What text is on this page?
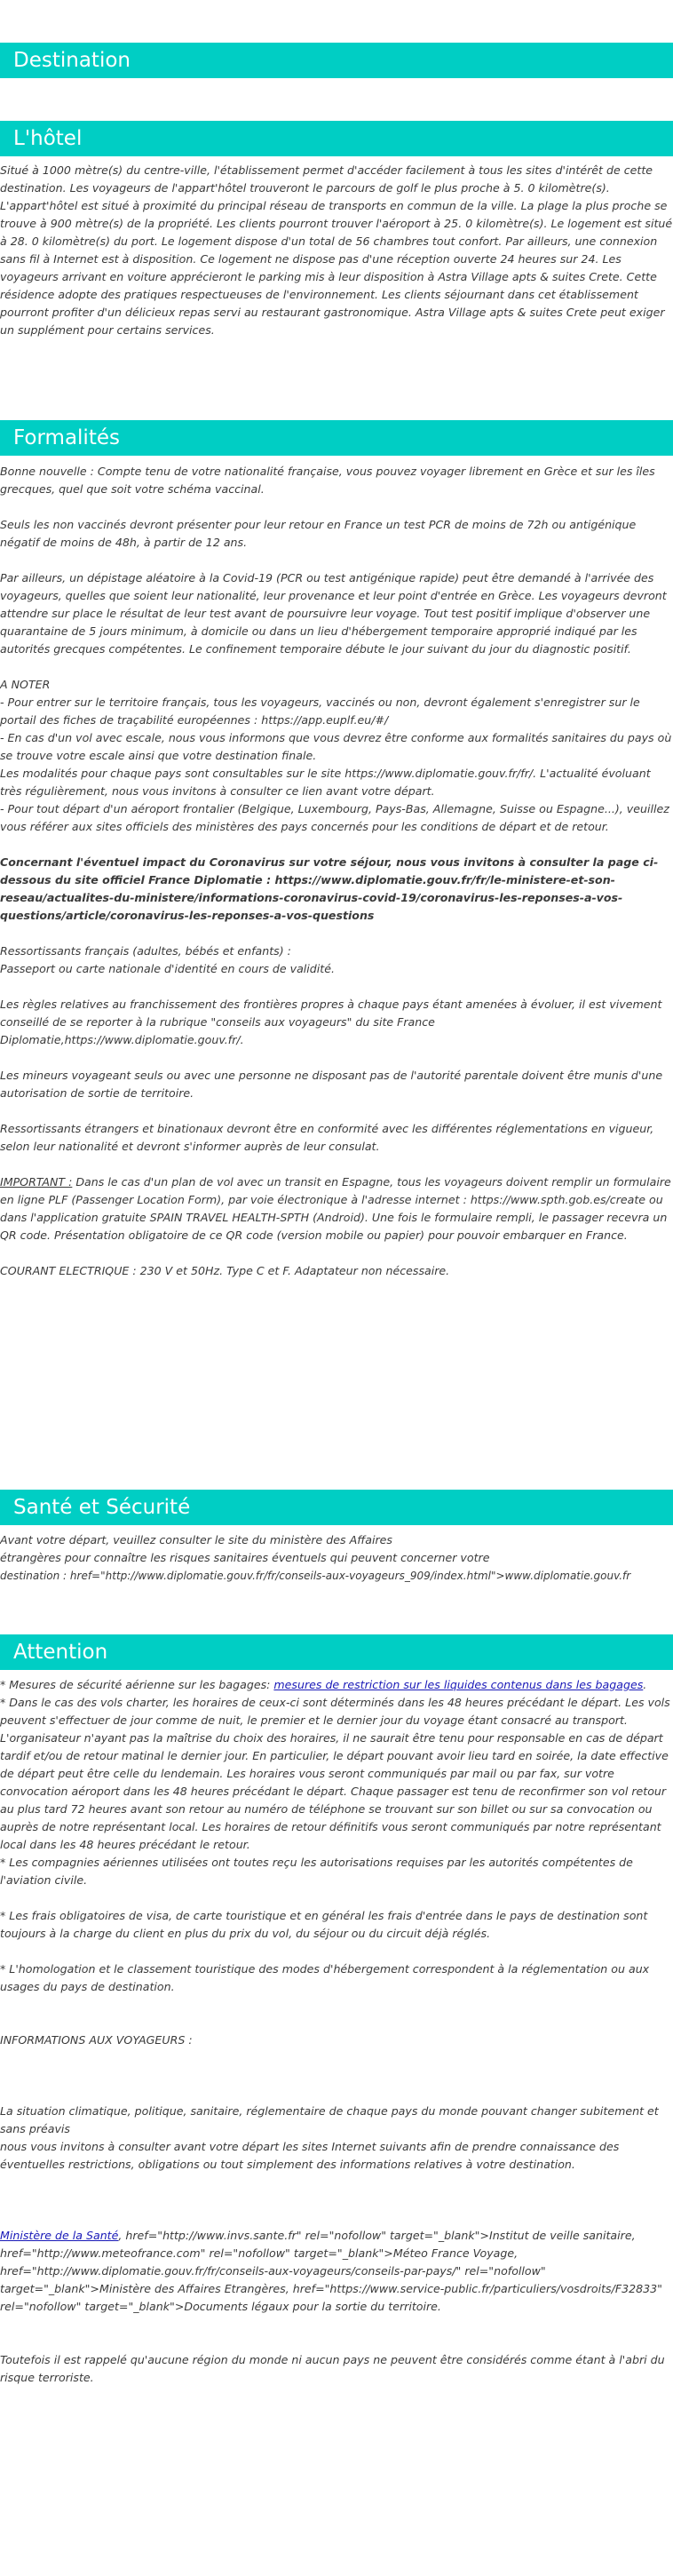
Destination
L'hôtel

Situé à 1000 mètre(s) du centre-ville, l'établissement permet d'accéder facilement à tous les sites d'intérêt de cette destination. Les voyageurs de l'appart'hôtel trouveront le parcours de golf le plus proche à 5. 0 kilomètre(s). L'appart'hôtel est situé à proximité du principal réseau de transports en commun de la ville. La plage la plus proche se trouve à 900 mètre(s) de la propriété. Les clients pourront trouver l'aéroport à 25. 0 kilomètre(s). Le logement est situé à 28. 0 kilomètre(s) du port. Le logement dispose d'un total de 56 chambres tout confort. Par ailleurs, une connexion sans fil à Internet est à disposition. Ce logement ne dispose pas d'une réception ouverte 24 heures sur 24. Les voyageurs arrivant en voiture apprécieront le parking mis à leur disposition à Astra Village apts & suites Crete. Cette résidence adopte des pratiques respectueuses de l'environnement. Les clients séjournant dans cet établissement pourront profiter d'un délicieux repas servi au restaurant gastronomique. Astra Village apts & suites Crete peut exiger un supplément pour certains services.

Formalités

Bonne nouvelle : Compte tenu de votre nationalité française, vous pouvez voyager librement en Grèce et sur les îles grecques, quel que soit votre schéma vaccinal.

Seuls les non vaccinés devront présenter pour leur retour en France un test PCR de moins de 72h ou antigénique négatif de moins de 48h, à partir de 12 ans.

Par ailleurs, un dépistage aléatoire à la Covid-19 (PCR ou test antigénique rapide) peut être demandé à l'arrivée des voyageurs, quelles que soient leur nationalité, leur provenance et leur point d'entrée en Grèce. Les voyageurs devront attendre sur place le résultat de leur test avant de poursuivre leur voyage. Tout test positif implique d'observer une quarantaine de 5 jours minimum, à domicile ou dans un lieu d'hébergement temporaire approprié indiqué par les autorités grecques compétentes. Le confinement temporaire débute le jour suivant du jour du diagnostic positif.

A NOTER

- Pour entrer sur le territoire français, tous les voyageurs, vaccinés ou non, devront également s'enregistrer sur le portail des fiches de traçabilité européennes : https://app.euplf.eu/#/

- En cas d'un vol avec escale, nous vous informons que vous devrez être conforme aux formalités sanitaires du pays où se trouve votre escale ainsi que votre destination finale.

Les modalités pour chaque pays sont consultables sur le site https://www.diplomatie.gouv.fr/fr/. L'actualité évoluant très régulièrement, nous vous invitons à consulter ce lien avant votre départ.

- Pour tout départ d'un aéroport frontalier (Belgique, Luxembourg, Pays-Bas, Allemagne, Suisse ou Espagne...), veuillez vous référer aux sites officiels des ministères des pays concernés pour les conditions de départ et de retour.

Concernant l'éventuel impact du Coronavirus sur votre séjour, nous vous invitons à consulter la page ci-dessous du site officiel France Diplomatie : https://www.diplomatie.gouv.fr/fr/le-ministere-et-son-reseau/actualites-du-ministere/informations-coronavirus-covid-19/coronavirus-les-reponses-a-vos-questions/article/coronavirus-les-reponses-a-vos-questions

Ressortissants français (adultes, bébés et enfants) :

Passeport ou carte nationale d'identité en cours de validité.

Les règles relatives au franchissement des frontières propres à chaque pays étant amenées à évoluer, il est vivement conseillé de se reporter à la rubrique "conseils aux voyageurs" du site France Diplomatie,https://www.diplomatie.gouv.fr/.

Les mineurs voyageant seuls ou avec une personne ne disposant pas de l'autorité parentale doivent être munis d'une autorisation de sortie de territoire.

Ressortissants étrangers et binationaux devront être en conformité avec les différentes réglementations en vigueur, selon leur nationalité et devront s'informer auprès de leur consulat.

IMPORTANT : Dans le cas d'un plan de vol avec un transit en Espagne, tous les voyageurs doivent remplir un formulaire en ligne PLF (Passenger Location Form), par voie électronique à l'adresse internet : https://www.spth.gob.es/create ou dans l'application gratuite SPAIN TRAVEL HEALTH-SPTH (Android). Une fois le formulaire rempli, le passager recevra un QR code. Présentation obligatoire de ce QR code (version mobile ou papier) pour pouvoir embarquer en France.

COURANT ELECTRIQUE : 230 V et 50Hz. Type C et F. Adaptateur non nécessaire.

Santé et Sécurité

Avant votre départ, veuillez consulter le site du ministère des Affaires

étrangères pour connaître les risques sanitaires éventuels qui peuvent concerner votre

destination : href="http://www.diplomatie.gouv.fr/fr/conseils-aux-voyageurs_909/index.html">www.diplomatie.gouv.fr

Attention

* Mesures de sécurité aérienne sur les bagages: mesures de restriction sur les liquides contenus dans les bagages.

* Dans le cas des vols charter, les horaires de ceux-ci sont déterminés dans les 48 heures précédant le départ. Les vols peuvent s'effectuer de jour comme de nuit, le premier et le dernier jour du voyage étant consacré au transport. L'organisateur n'ayant pas la maîtrise du choix des horaires, il ne saurait être tenu pour responsable en cas de départ tardif et/ou de retour matinal le dernier jour. En particulier, le départ pouvant avoir lieu tard en soirée, la date effective de départ peut être celle du lendemain. Les horaires vous seront communiqués par mail ou par fax, sur votre convocation aéroport dans les 48 heures précédant le départ. Chaque passager est tenu de reconfirmer son vol retour au plus tard 72 heures avant son retour au numéro de téléphone se trouvant sur son billet ou sur sa convocation ou auprès de notre représentant local. Les horaires de retour définitifs vous seront communiqués par notre représentant local dans les 48 heures précédant le retour.

* Les compagnies aériennes utilisées ont toutes reçu les autorisations requises par les autorités compétentes de l'aviation civile.

* Les frais obligatoires de visa, de carte touristique et en général les frais d'entrée dans le pays de destination sont toujours à la charge du client en plus du prix du vol, du séjour ou du circuit déjà réglés.

* L'homologation et le classement touristique des modes d'hébergement correspondent à la réglementation ou aux usages du pays de destination.

INFORMATIONS AUX VOYAGEURS :

La situation climatique, politique, sanitaire, réglementaire de chaque pays du monde pouvant changer subitement et sans préavis

nous vous invitons à consulter avant votre départ les sites Internet suivants afin de prendre connaissance des éventuelles restrictions, obligations ou tout simplement des informations relatives à votre destination.

Ministère de la Santé, href="http://www.invs.sante.fr" rel="nofollow" target="_blank">Institut de veille sanitaire, href="http://www.meteofrance.com" rel="nofollow" target="_blank">Méteo France Voyage, href="http://www.diplomatie.gouv.fr/fr/conseils-aux-voyageurs/conseils-par-pays/" rel="nofollow" target="_blank">Ministère des Affaires Etrangères, href="https://www.service-public.fr/particuliers/vosdroits/F32833" rel="nofollow" target="_blank">Documents légaux pour la sortie du territoire.

Toutefois il est rappelé qu'aucune région du monde ni aucun pays ne peuvent être considérés comme étant à l'abri du risque terroriste.
